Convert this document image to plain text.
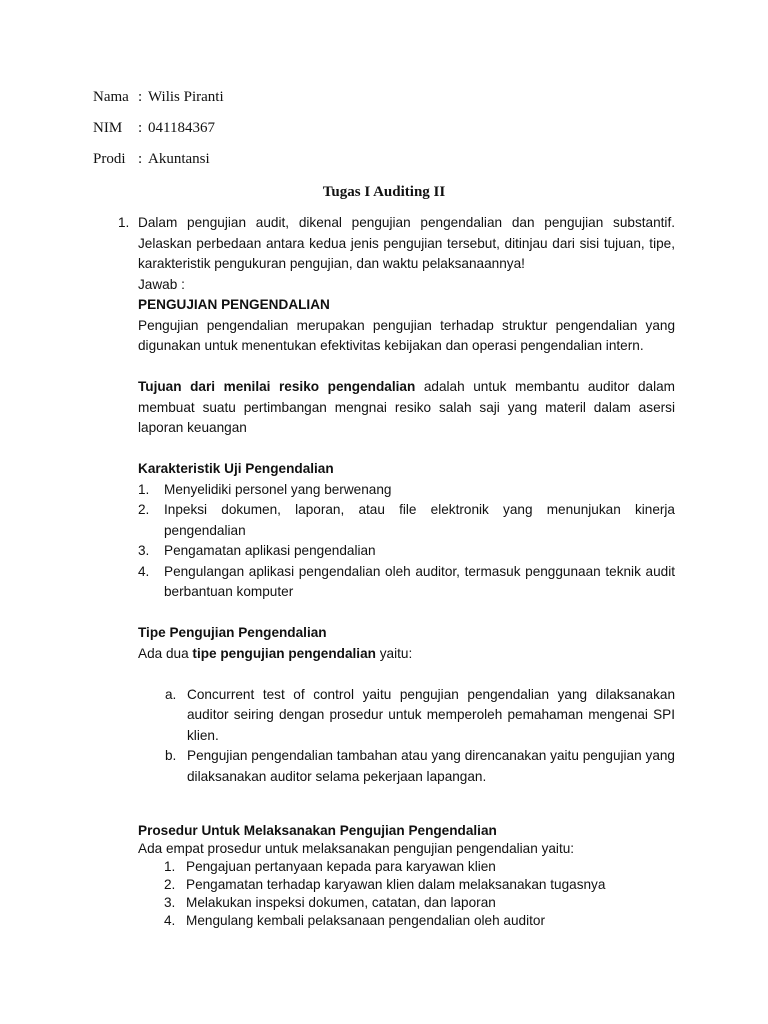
Nama : Wilis Piranti
NIM : 041184367
Prodi : Akuntansi
Tugas I Auditing II
1. Dalam pengujian audit, dikenal pengujian pengendalian dan pengujian substantif. Jelaskan perbedaan antara kedua jenis pengujian tersebut, ditinjau dari sisi tujuan, tipe, karakteristik pengukuran pengujian, dan waktu pelaksanaannya!
Jawab :
PENGUJIAN PENGENDALIAN

Pengujian pengendalian merupakan pengujian terhadap struktur pengendalian yang digunakan untuk menentukan efektivitas kebijakan dan operasi pengendalian intern.

Tujuan dari menilai resiko pengendalian adalah untuk membantu auditor dalam membuat suatu pertimbangan mengnai resiko salah saji yang materil dalam asersi laporan keuangan

Karakteristik Uji Pengendalian
1. Menyelidiki personel yang berwenang
2. Inpeksi dokumen, laporan, atau file elektronik yang menunjukan kinerja pengendalian
3. Pengamatan aplikasi pengendalian
4. Pengulangan aplikasi pengendalian oleh auditor, termasuk penggunaan teknik audit berbantuan komputer
Tipe Pengujian Pengendalian
Ada dua tipe pengujian pengendalian yaitu:
a. Concurrent test of control yaitu pengujian pengendalian yang dilaksanakan auditor seiring dengan prosedur untuk memperoleh pemahaman mengenai SPI klien.
b. Pengujian pengendalian tambahan atau yang direncanakan yaitu pengujian yang dilaksanakan auditor selama pekerjaan lapangan.
Prosedur Untuk Melaksanakan Pengujian Pengendalian
Ada empat prosedur untuk melaksanakan pengujian pengendalian yaitu:
1. Pengajuan pertanyaan kepada para karyawan klien
2. Pengamatan terhadap karyawan klien dalam melaksanakan tugasnya
3. Melakukan inspeksi dokumen, catatan, dan laporan
4. Mengulang kembali pelaksanaan pengendalian oleh auditor
